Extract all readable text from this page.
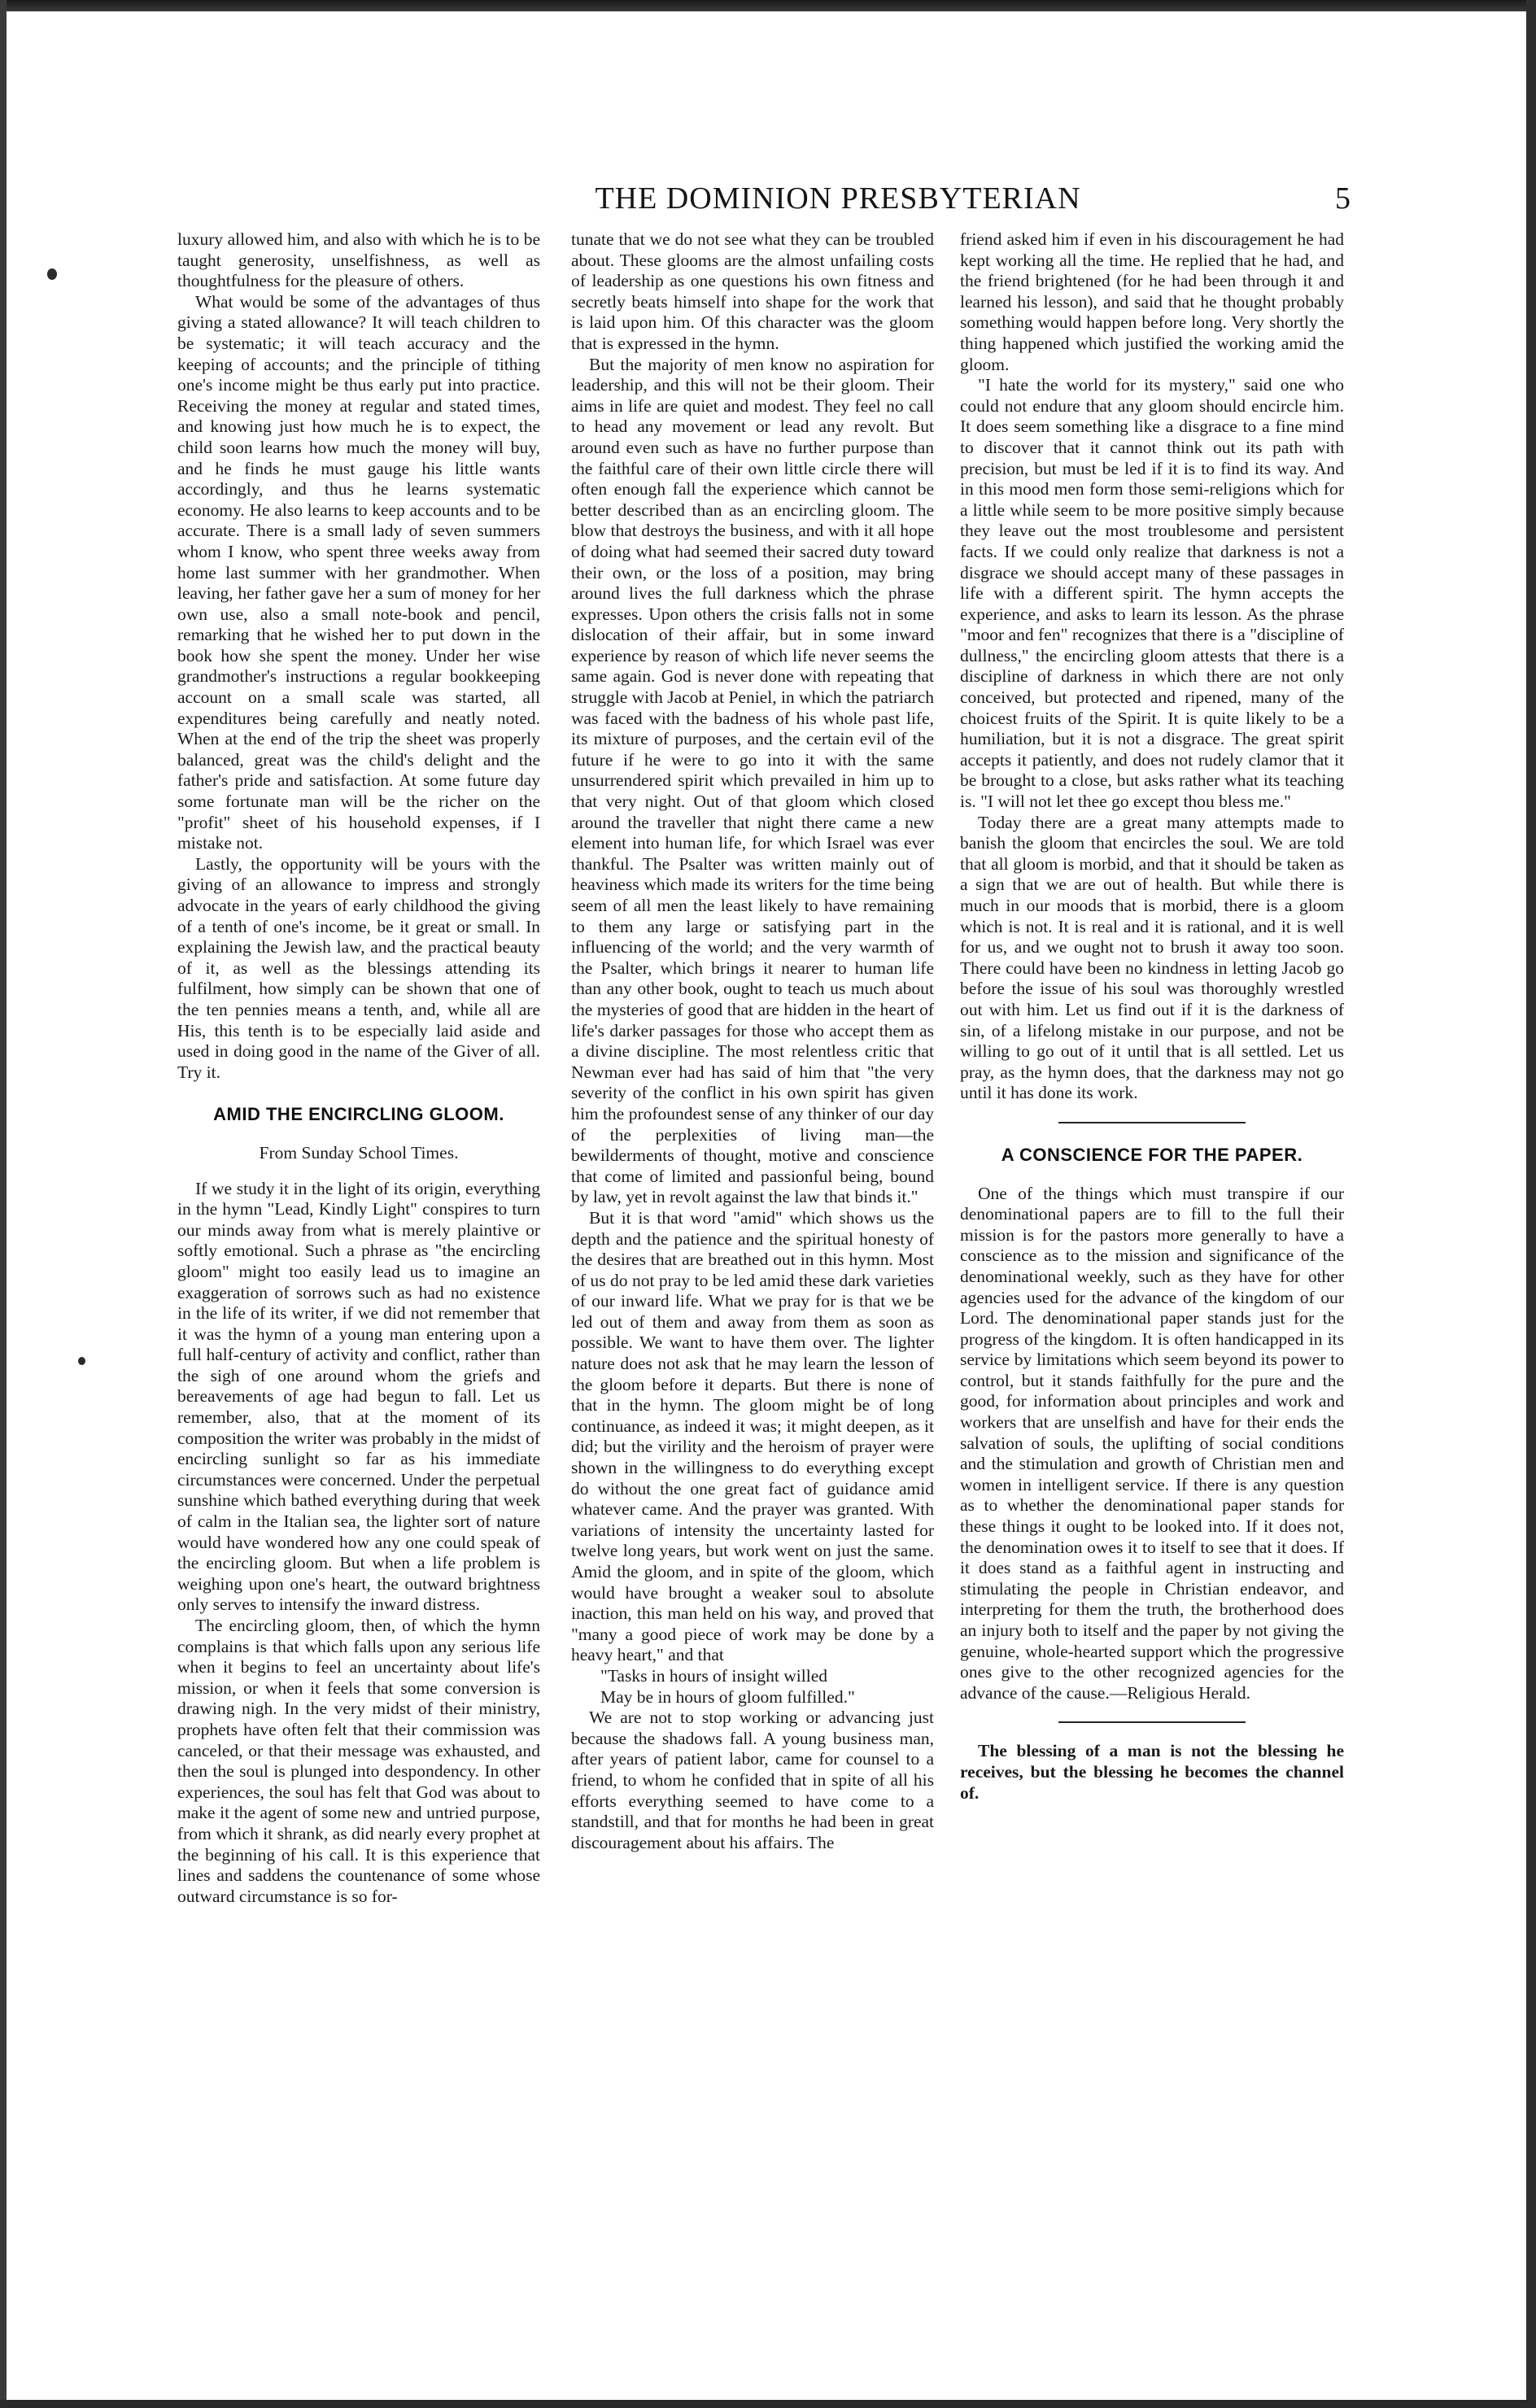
THE DOMINION PRESBYTERIAN	5

luxury allowed him, and also with which he is to be taught generosity, unselfishness, as well as thoughtfulness for the pleasure of others.

What would be some of the advantages of thus giving a stated allowance? It will teach children to be systematic; it will teach accuracy and the keeping of accounts; and the principle of tithing one's income might be thus early put into practice. Receiving the money at regular and stated times, and knowing just how much he is to expect, the child soon learns how much the money will buy, and he finds he must gauge his little wants accordingly, and thus he learns systematic economy. He also learns to keep accounts and to be accurate. There is a small lady of seven summers whom I know, who spent three weeks away from home last summer with her grandmother. When leaving, her father gave her a sum of money for her own use, also a small note-book and pencil, remarking that he wished her to put down in the book how she spent the money. Under her wise grandmother's instructions a regular bookkeeping account on a small scale was started, all expenditures being carefully and neatly noted. When at the end of the trip the sheet was properly balanced, great was the child's delight and the father's pride and satisfaction. At some future day some fortunate man will be the richer on the "profit" sheet of his household expenses, if I mistake not.

Lastly, the opportunity will be yours with the giving of an allowance to impress and strongly advocate in the years of early childhood the giving of a tenth of one's income, be it great or small. In explaining the Jewish law, and the practical beauty of it, as well as the blessings attending its fulfilment, how simply can be shown that one of the ten pennies means a tenth, and, while all are His, this tenth is to be especially laid aside and used in doing good in the name of the Giver of all. Try it.

AMID THE ENCIRCLING GLOOM.

From Sunday School Times.

If we study it in the light of its origin, everything in the hymn "Lead, Kindly Light" conspires to turn our minds away from what is merely plaintive or softly emotional. Such a phrase as "the encircling gloom" might too easily lead us to imagine an exaggeration of sorrows such as had no existence in the life of its writer, if we did not remember that it was the hymn of a young man entering upon a full half-century of activity and conflict, rather than the sigh of one around whom the griefs and bereavements of age had begun to fall. Let us remember, also, that at the moment of its composition the writer was probably in the midst of encircling sunlight so far as his immediate circumstances were concerned. Under the perpetual sunshine which bathed everything during that week of calm in the Italian sea, the lighter sort of nature would have wondered how any one could speak of the encircling gloom. But when a life problem is weighing upon one's heart, the outward brightness only serves to intensify the inward distress.

The encircling gloom, then, of which the hymn complains is that which falls upon any serious life when it begins to feel an uncertainty about life's mission, or when it feels that some conversion is drawing nigh. In the very midst of their ministry, prophets have often felt that their commission was canceled, or that their message was exhausted, and then the soul is plunged into despondency. In other experiences, the soul has felt that God was about to make it the agent of some new and untried purpose, from which it shrank, as did nearly every prophet at the beginning of his call. It is this experience that lines and saddens the countenance of some whose outward circumstance is so for-

tunate that we do not see what they can be troubled about. These glooms are the almost unfailing costs of leadership as one questions his own fitness and secretly beats himself into shape for the work that is laid upon him. Of this character was the gloom that is expressed in the hymn.

But the majority of men know no aspiration for leadership, and this will not be their gloom. Their aims in life are quiet and modest. They feel no call to head any movement or lead any revolt. But around even such as have no further purpose than the faithful care of their own little circle there will often enough fall the experience which cannot be better described than as an encircling gloom. The blow that destroys the business, and with it all hope of doing what had seemed their sacred duty toward their own, or the loss of a position, may bring around lives the full darkness which the phrase expresses. Upon others the crisis falls not in some dislocation of their affair, but in some inward experience by reason of which life never seems the same again. God is never done with repeating that struggle with Jacob at Peniel, in which the patriarch was faced with the badness of his whole past life, its mixture of purposes, and the certain evil of the future if he were to go into it with the same unsurrendered spirit which prevailed in him up to that very night. Out of that gloom which closed around the traveller that night there came a new element into human life, for which Israel was ever thankful. The Psalter was written mainly out of heaviness which made its writers for the time being seem of all men the least likely to have remaining to them any large or satisfying part in the influencing of the world; and the very warmth of the Psalter, which brings it nearer to human life than any other book, ought to teach us much about the mysteries of good that are hidden in the heart of life's darker passages for those who accept them as a divine discipline. The most relentless critic that Newman ever had has said of him that "the very severity of the conflict in his own spirit has given him the profoundest sense of any thinker of our day of the perplexities of living man—the bewilderments of thought, motive and conscience that come of limited and passionful being, bound by law, yet in revolt against the law that binds it."

But it is that word "amid" which shows us the depth and the patience and the spiritual honesty of the desires that are breathed out in this hymn. Most of us do not pray to be led amid these dark varieties of our inward life. What we pray for is that we be led out of them and away from them as soon as possible. We want to have them over. The lighter nature does not ask that he may learn the lesson of the gloom before it departs. But there is none of that in the hymn. The gloom might be of long continuance, as indeed it was; it might deepen, as it did; but the virility and the heroism of prayer were shown in the willingness to do everything except do without the one great fact of guidance amid whatever came. And the prayer was granted. With variations of intensity the uncertainty lasted for twelve long years, but work went on just the same. Amid the gloom, and in spite of the gloom, which would have brought a weaker soul to absolute inaction, this man held on his way, and proved that "many a good piece of work may be done by a heavy heart," and that

"Tasks in hours of insight willed

May be in hours of gloom fulfilled."

We are not to stop working or advancing just because the shadows fall. A young business man, after years of patient labor, came for counsel to a friend, to whom he confided that in spite of all his efforts everything seemed to have come to a standstill, and that for months he had been in great discouragement about his affairs. The

friend asked him if even in his discouragement he had kept working all the time. He replied that he had, and the friend brightened (for he had been through it and learned his lesson), and said that he thought probably something would happen before long. Very shortly the thing happened which justified the working amid the gloom.

"I hate the world for its mystery," said one who could not endure that any gloom should encircle him. It does seem something like a disgrace to a fine mind to discover that it cannot think out its path with precision, but must be led if it is to find its way. And in this mood men form those semi-religions which for a little while seem to be more positive simply because they leave out the most troublesome and persistent facts. If we could only realize that darkness is not a disgrace we should accept many of these passages in life with a different spirit. The hymn accepts the experience, and asks to learn its lesson. As the phrase "moor and fen" recognizes that there is a "discipline of dullness," the encircling gloom attests that there is a discipline of darkness in which there are not only conceived, but protected and ripened, many of the choicest fruits of the Spirit. It is quite likely to be a humiliation, but it is not a disgrace. The great spirit accepts it patiently, and does not rudely clamor that it be brought to a close, but asks rather what its teaching is. "I will not let thee go except thou bless me."

Today there are a great many attempts made to banish the gloom that encircles the soul. We are told that all gloom is morbid, and that it should be taken as a sign that we are out of health. But while there is much in our moods that is morbid, there is a gloom which is not. It is real and it is rational, and it is well for us, and we ought not to brush it away too soon. There could have been no kindness in letting Jacob go before the issue of his soul was thoroughly wrestled out with him. Let us find out if it is the darkness of sin, of a lifelong mistake in our purpose, and not be willing to go out of it until that is all settled. Let us pray, as the hymn does, that the darkness may not go until it has done its work.

A CONSCIENCE FOR THE PAPER.

One of the things which must transpire if our denominational papers are to fill to the full their mission is for the pastors more generally to have a conscience as to the mission and significance of the denominational weekly, such as they have for other agencies used for the advance of the kingdom of our Lord. The denominational paper stands just for the progress of the kingdom. It is often handicapped in its service by limitations which seem beyond its power to control, but it stands faithfully for the pure and the good, for information about principles and work and workers that are unselfish and have for their ends the salvation of souls, the uplifting of social conditions and the stimulation and growth of Christian men and women in intelligent service. If there is any question as to whether the denominational paper stands for these things it ought to be looked into. If it does not, the denomination owes it to itself to see that it does. If it does stand as a faithful agent in instructing and stimulating the people in Christian endeavor, and interpreting for them the truth, the brotherhood does an injury both to itself and the paper by not giving the genuine, whole-hearted support which the progressive ones give to the other recognized agencies for the advance of the cause.—Religious Herald.

The blessing of a man is not the blessing he receives, but the blessing he becomes the channel of.
